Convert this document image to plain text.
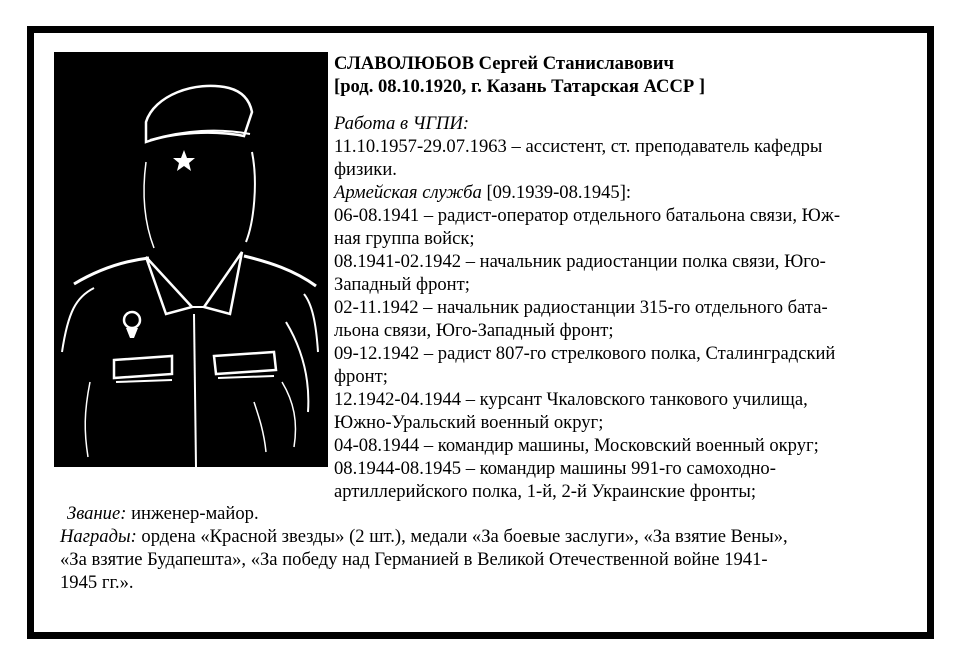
СЛАВОЛЮБОВ Сергей Станиславович
[род. 08.10.1920, г. Казань Татарская АССР ]
Работа в ЧГПИ:
11.10.1957-29.07.1963 – ассистент, ст. преподаватель кафедры
физики.
Армейская служба [09.1939-08.1945]:
06-08.1941 – радист-оператор отдельного батальона связи, Юж-
ная группа войск;
08.1941-02.1942 – начальник радиостанции полка связи, Юго-
Западный фронт;
02-11.1942 – начальник радиостанции 315-го отдельного бата-
льона связи, Юго-Западный фронт;
09-12.1942 – радист 807-го стрелкового полка, Сталинградский
фронт;
12.1942-04.1944 – курсант Чкаловского танкового училища,
Южно-Уральский военный округ;
04-08.1944 – командир машины, Московский военный округ;
08.1944-08.1945 – командир машины 991-го самоходно-
артиллерийского полка, 1-й, 2-й Украинские фронты;
Звание: инженер-майор.
Награды: ордена «Красной звезды» (2 шт.), медали «За боевые заслуги», «За взятие Вены»,
«За взятие Будапешта», «За победу над Германией в Великой Отечественной войне 1941-
1945 гг.».
